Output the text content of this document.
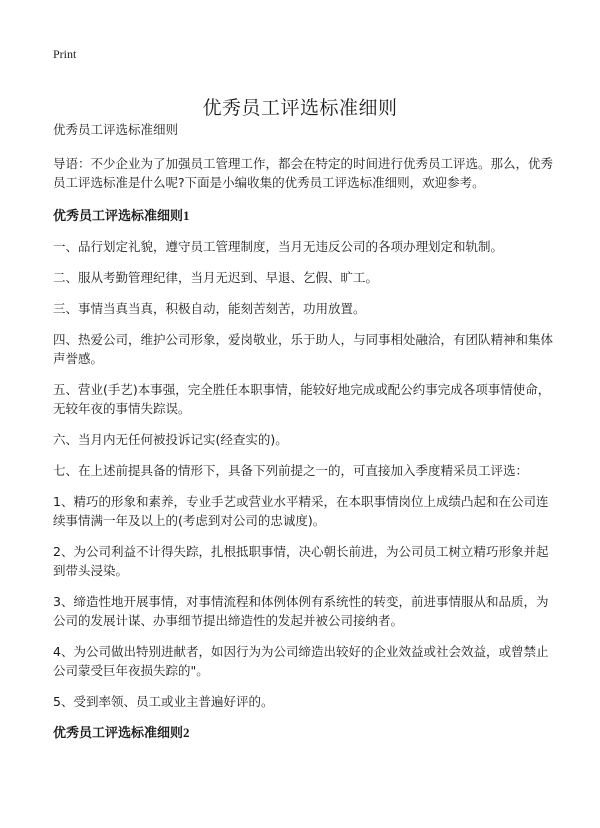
Print
优秀员工评选标准细则

优秀员工评选标准细则

导语：不少企业为了加强员工管理工作，都会在特定的时间进行优秀员工评选。那么，优秀员工评选标准是什么呢?下面是小编收集的优秀员工评选标准细则，欢迎参考。

优秀员工评选标准细则1

一、品行划定礼貌，遵守员工管理制度，当月无违反公司的各项办理划定和轨制。

二、服从考勤管理纪律，当月无迟到、早退、乞假、旷工。

三、事情当真当真，积极自动，能刻苦刻苦，功用放置。

四、热爱公司，维护公司形象，爱岗敬业，乐于助人，与同事相处融洽，有团队精神和集体声誉感。

五、营业(手艺)本事强，完全胜任本职事情，能较好地完成或配公约事完成各项事情使命，无较年夜的事情失踪误。

六、当月内无任何被投诉记实(经查实的)。

七、在上述前提具备的情形下，具备下列前提之一的，可直接加入季度精采员工评选：

1、精巧的形象和素养，专业手艺或营业水平精采，在本职事情岗位上成绩凸起和在公司连续事情满一年及以上的(考虑到对公司的忠诚度)。

2、为公司利益不计得失踪，扎根抵职事情，决心朝长前进，为公司员工树立精巧形象并起到带头浸染。

3、缔造性地开展事情，对事情流程和体例体例有系统性的转变，前进事情服从和品质，为公司的发展计谋、办事细节提出缔造性的发起并被公司接纳者。

4、为公司做出特别进献者，如因行为为公司缔造出较好的企业效益或社会效益，或曾禁止公司蒙受巨年夜损失踪的"。

5、受到率领、员工或业主普遍好评的。

优秀员工评选标准细则2
